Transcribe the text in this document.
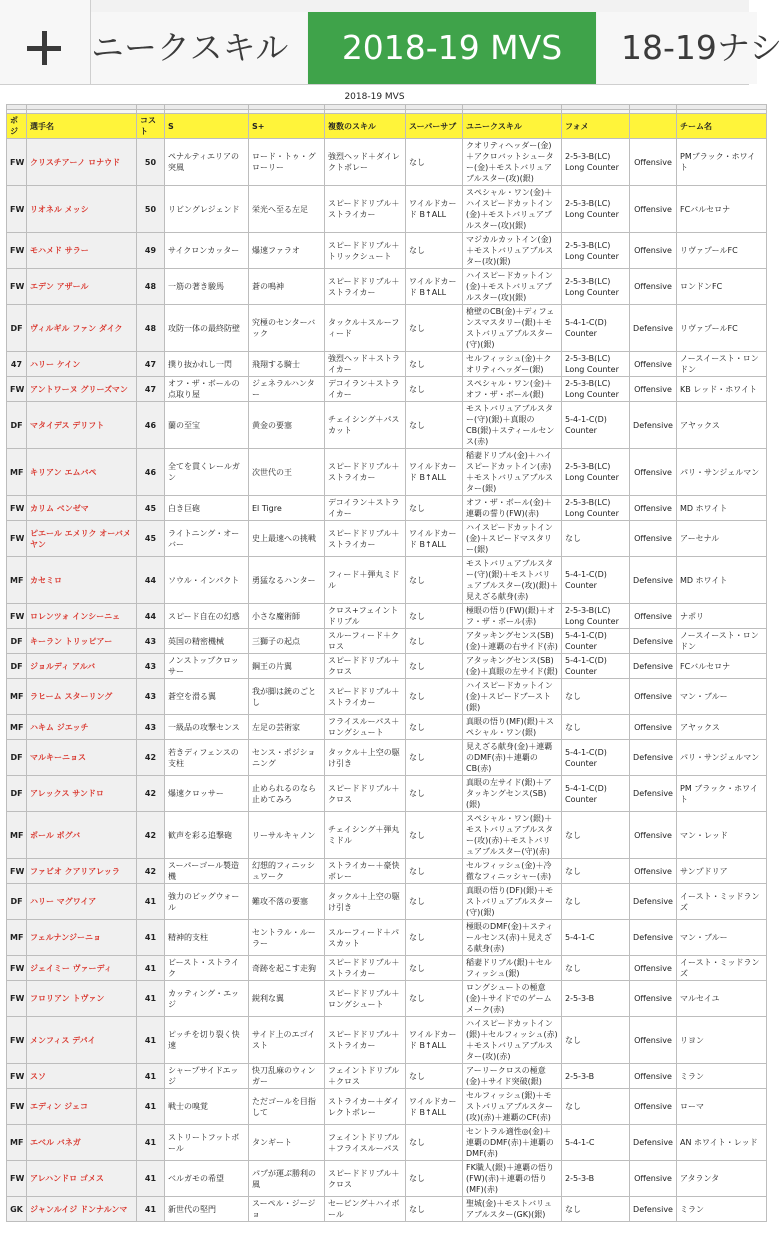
ニークスキル	2018-19 MVS	18-19ナシ
2018-19 MVS

ポジ	選手名	コスト	S	S+	複数のスキル	スーパーサブ	ユニークスキル	フォメ		チーム名
FW	クリスチアーノ ロナウド	50	ペナルティエリアの突風	ロード・トゥ・グローリー	強烈ヘッド＋ダイレクトボレー	なし	クオリティヘッダー(金)＋アクロバットシューター(金)＋モストバリュアブルスター(攻)(銀)	2-5-3-B(LC) Long Counter	Offensive	PMブラック・ホワイト
FW	リオネル メッシ	50	リビングレジェンド	栄光へ至る左足	スピードドリブル＋ストライカー	ワイルドカード B↑ALL	スペシャル・ワン(金)＋ハイスピードカットイン(金)＋モストバリュアブルスター(攻)(銀)	2-5-3-B(LC) Long Counter	Offensive	FCバルセロナ
FW	モハメド サラー	49	サイクロンカッター	爆速ファラオ	スピードドリブル＋トリックシュート	なし	マジカルカットイン(金)＋モストバリュアブルスター(攻)(銀)	2-5-3-B(LC) Long Counter	Offensive	リヴァプールFC
FW	エデン アザール	48	一筋の著き駿馬	蒼の鳴神	スピードドリブル＋ストライカー	ワイルドカード B↑ALL	ハイスピードカットイン(金)＋モストバリュアブルスター(攻)(銀)	2-5-3-B(LC) Long Counter	Offensive	ロンドンFC
DF	ヴィルギル ファン ダイク	48	攻防一体の最終防壁	究極のセンターバック	タックル＋スルーフィード	なし	槍壁のCB(金)＋ディフェンスマスタリー(銀)＋モストバリュアブルスター(守)(銀)	5-4-1-C(D) Counter	Defensive	リヴァプールFC
47	ハリー ケイン	47	撲り抜かれし一閃	飛翔する騎士	強烈ヘッド＋ストライカー	なし	セルフィッシュ(金)＋クオリティヘッダー(銀)	2-5-3-B(LC) Long Counter	Offensive	ノースイースト・ロンドン
FW	アントワーヌ グリーズマン	47	オフ・ザ・ボールの点取り屋	ジェネラルハンター	デコイラン＋ストライカー	なし	スペシャル・ワン(金)＋オフ・ザ・ボール(銀)	2-5-3-B(LC) Long Counter	Offensive	KB レッド・ホワイト
DF	マタイデス デリフト	46	蘭の至宝	黄金の要塞	チェイシング＋パスカット	なし	モストバリュアブルスター(守)(銀)＋真眼のCB(銀)＋スティールセンス(赤)	5-4-1-C(D) Counter	Defensive	アヤックス
MF	キリアン エムバペ	46	全てを貫くレールガン	次世代の王	スピードドリブル＋ストライカー	ワイルドカード B↑ALL	稲妻ドリブル(金)＋ハイスピードカットイン(赤)＋モストバリュアブルスター(銀)	2-5-3-B(LC) Long Counter	Offensive	パリ・サンジェルマン
FW	カリム ベンゼマ	45	白き巨砲	El Tigre	デコイラン＋ストライカー	なし	オフ・ザ・ボール(金)＋連覇の誓り(FW)(赤)	2-5-3-B(LC) Long Counter	Offensive	MD ホワイト
FW	ピエール エメリク オーバメヤン	45	ライトニング・オーバー	史上最速への挑戦	スピードドリブル＋ストライカー	ワイルドカード B↑ALL	ハイスピードカットイン(金)＋スピードマスタリー(銀)	なし	Offensive	アーセナル
MF	カセミロ	44	ソウル・インパクト	勇猛なるハンター	フィード＋弾丸ミドル	なし	モストバリュアブルスター(守)(銀)＋モストバリュアブルスター(攻)(銀)＋見えざる献身(赤)	5-4-1-C(D) Counter	Defensive	MD ホワイト
FW	ロレンツォ インシーニェ	44	スピード自在の幻惑	小さな魔術師	クロス+フェイントドリブル	なし	極眼の悟り(FW)(銀)＋オフ・ザ・ボール(赤)	2-5-3-B(LC) Long Counter	Offensive	ナポリ
DF	キーラン トリッピアー	43	英国の精密機械	三獅子の起点	スルーフィード＋クロス	なし	アタッキングセンス(SB)(金)＋連覇の右サイド(赤)	5-4-1-C(D) Counter	Defensive	ノースイースト・ロンドン
DF	ジョルディ アルバ	43	ノンストップクロッサー	鋼王の片翼	スピードドリブル＋クロス	なし	アタッキングセンス(SB)(金)＋真眼の左サイド(銀)	5-4-1-C(D) Counter	Defensive	FCバルセロナ
MF	ラヒーム スターリング	43	蒼空を滑る翼	我が脚は銃のごとし	スピードドリブル＋ストライカー	なし	ハイスピードカットイン(金)＋スピードブースト(銀)	なし	Offensive	マン・ブルー
MF	ハキム ジエッチ	43	一級品の攻撃センス	左足の芸術家	フライスルーパス＋ロングシュート	なし	真眼の悟り(MF)(銀)＋スペシャル・ワン(銀)	なし	Offensive	アヤックス
DF	マルキーニョス	42	若きディフェンスの支柱	センス・ポジショニング	タックル＋上空の駆け引き	なし	見えざる献身(金)＋連覇のDMF(赤)＋連覇のCB(赤)	5-4-1-C(D) Counter	Defensive	パリ・サンジェルマン
DF	アレックス サンドロ	42	爆速クロッサー	止められるのなら止めてみろ	スピードドリブル＋クロス	なし	真眼の左サイド(銀)＋アタッキングセンス(SB)(銀)	5-4-1-C(D) Counter	Defensive	PM ブラック・ホワイト
MF	ポール ポグバ	42	歓声を彩る追撃砲	リーサルキャノン	チェイシング＋弾丸ミドル	なし	スペシャル・ワン(銀)＋モストバリュアブルスター(攻)(赤)＋モストバリュアブルスター(守)(赤)	なし	Offensive	マン・レッド
FW	ファビオ クアリアレッラ	42	スーパーゴール製造機	幻想的フィニッシュワーク	ストライカー＋豪快ボレー	なし	セルフィッシュ(金)＋冷徹なフィニッシャー(赤)	なし	Offensive	サンプドリア
DF	ハリー マグワイア	41	強力のビッグウォール	難攻不落の要塞	タックル＋上空の駆け引き	なし	真眼の悟り(DF)(銀)＋モストバリュアブルスター(守)(銀)	なし	Defensive	イースト・ミッドランズ
MF	フェルナンジーニョ	41	精神的支柱	セントラル・ルーラー	スルーフィード＋パスカット	なし	極眼のDMF(金)＋スティールセンス(赤)＋見えざる献身(赤)	5-4-1-C	Defensive	マン・ブルー
FW	ジェイミー ヴァーディ	41	ビースト・ストライク	奇跡を起こす走狗	スピードドリブル＋ストライカー	なし	稲妻ドリブル(銀)＋セルフィッシュ(銀)	なし	Offensive	イースト・ミッドランズ
FW	フロリアン トヴァン	41	カッティング・エッジ	鋭利な翼	スピードドリブル＋ロングシュート	なし	ロングシュートの極意(金)＋サイドでのゲームメーク(赤)	2-5-3-B	Offensive	マルセイユ
FW	メンフィス デパイ	41	ピッチを切り裂く快速	サイド上のエゴイスト	スピードドリブル＋ストライカー	ワイルドカード B↑ALL	ハイスピードカットイン(銀)＋セルフィッシュ(赤)＋モストバリュアブルスター(攻)(赤)	なし	Offensive	リヨン
FW	スソ	41	シャープサイドエッジ	快刀乱麻のウィンガー	フェイントドリブル＋クロス	なし	アーリークロスの極意(金)＋サイド突破(銀)	2-5-3-B	Offensive	ミラン
FW	エディン ジェコ	41	戦士の嗅覚	ただゴールを目指して	ストライカー＋ダイレクトボレー	ワイルドカード B↑ALL	セルフィッシュ(銀)＋モストバリュアブルスター(攻)(赤)＋連覇のCF(赤)	なし	Offensive	ローマ
MF	エベル バネガ	41	ストリートフットボール	タンギート	フェイントドリブル＋フライスルーパス	なし	セントラル適性◎(金)＋連覇のDMF(赤)＋連覇のDMF(赤)	5-4-1-C	Defensive	AN ホワイト・レッド
FW	アレハンドロ ゴメス	41	ベルガモの希望	パプが運ぶ勝利の風	スピードドリブル＋クロス	なし	FK職人(銀)＋連覇の悟り(FW)(赤)＋連覇の悟り(MF)(赤)	2-5-3-B	Offensive	アタランタ
GK	ジャンルイジ ドンナルンマ	41	新世代の堅門	スーペル・ジージョ	セービング＋ハイボール	なし	聖城(金)＋モストバリュアブルスター(GK)(銀)	なし	Defensive	ミラン
